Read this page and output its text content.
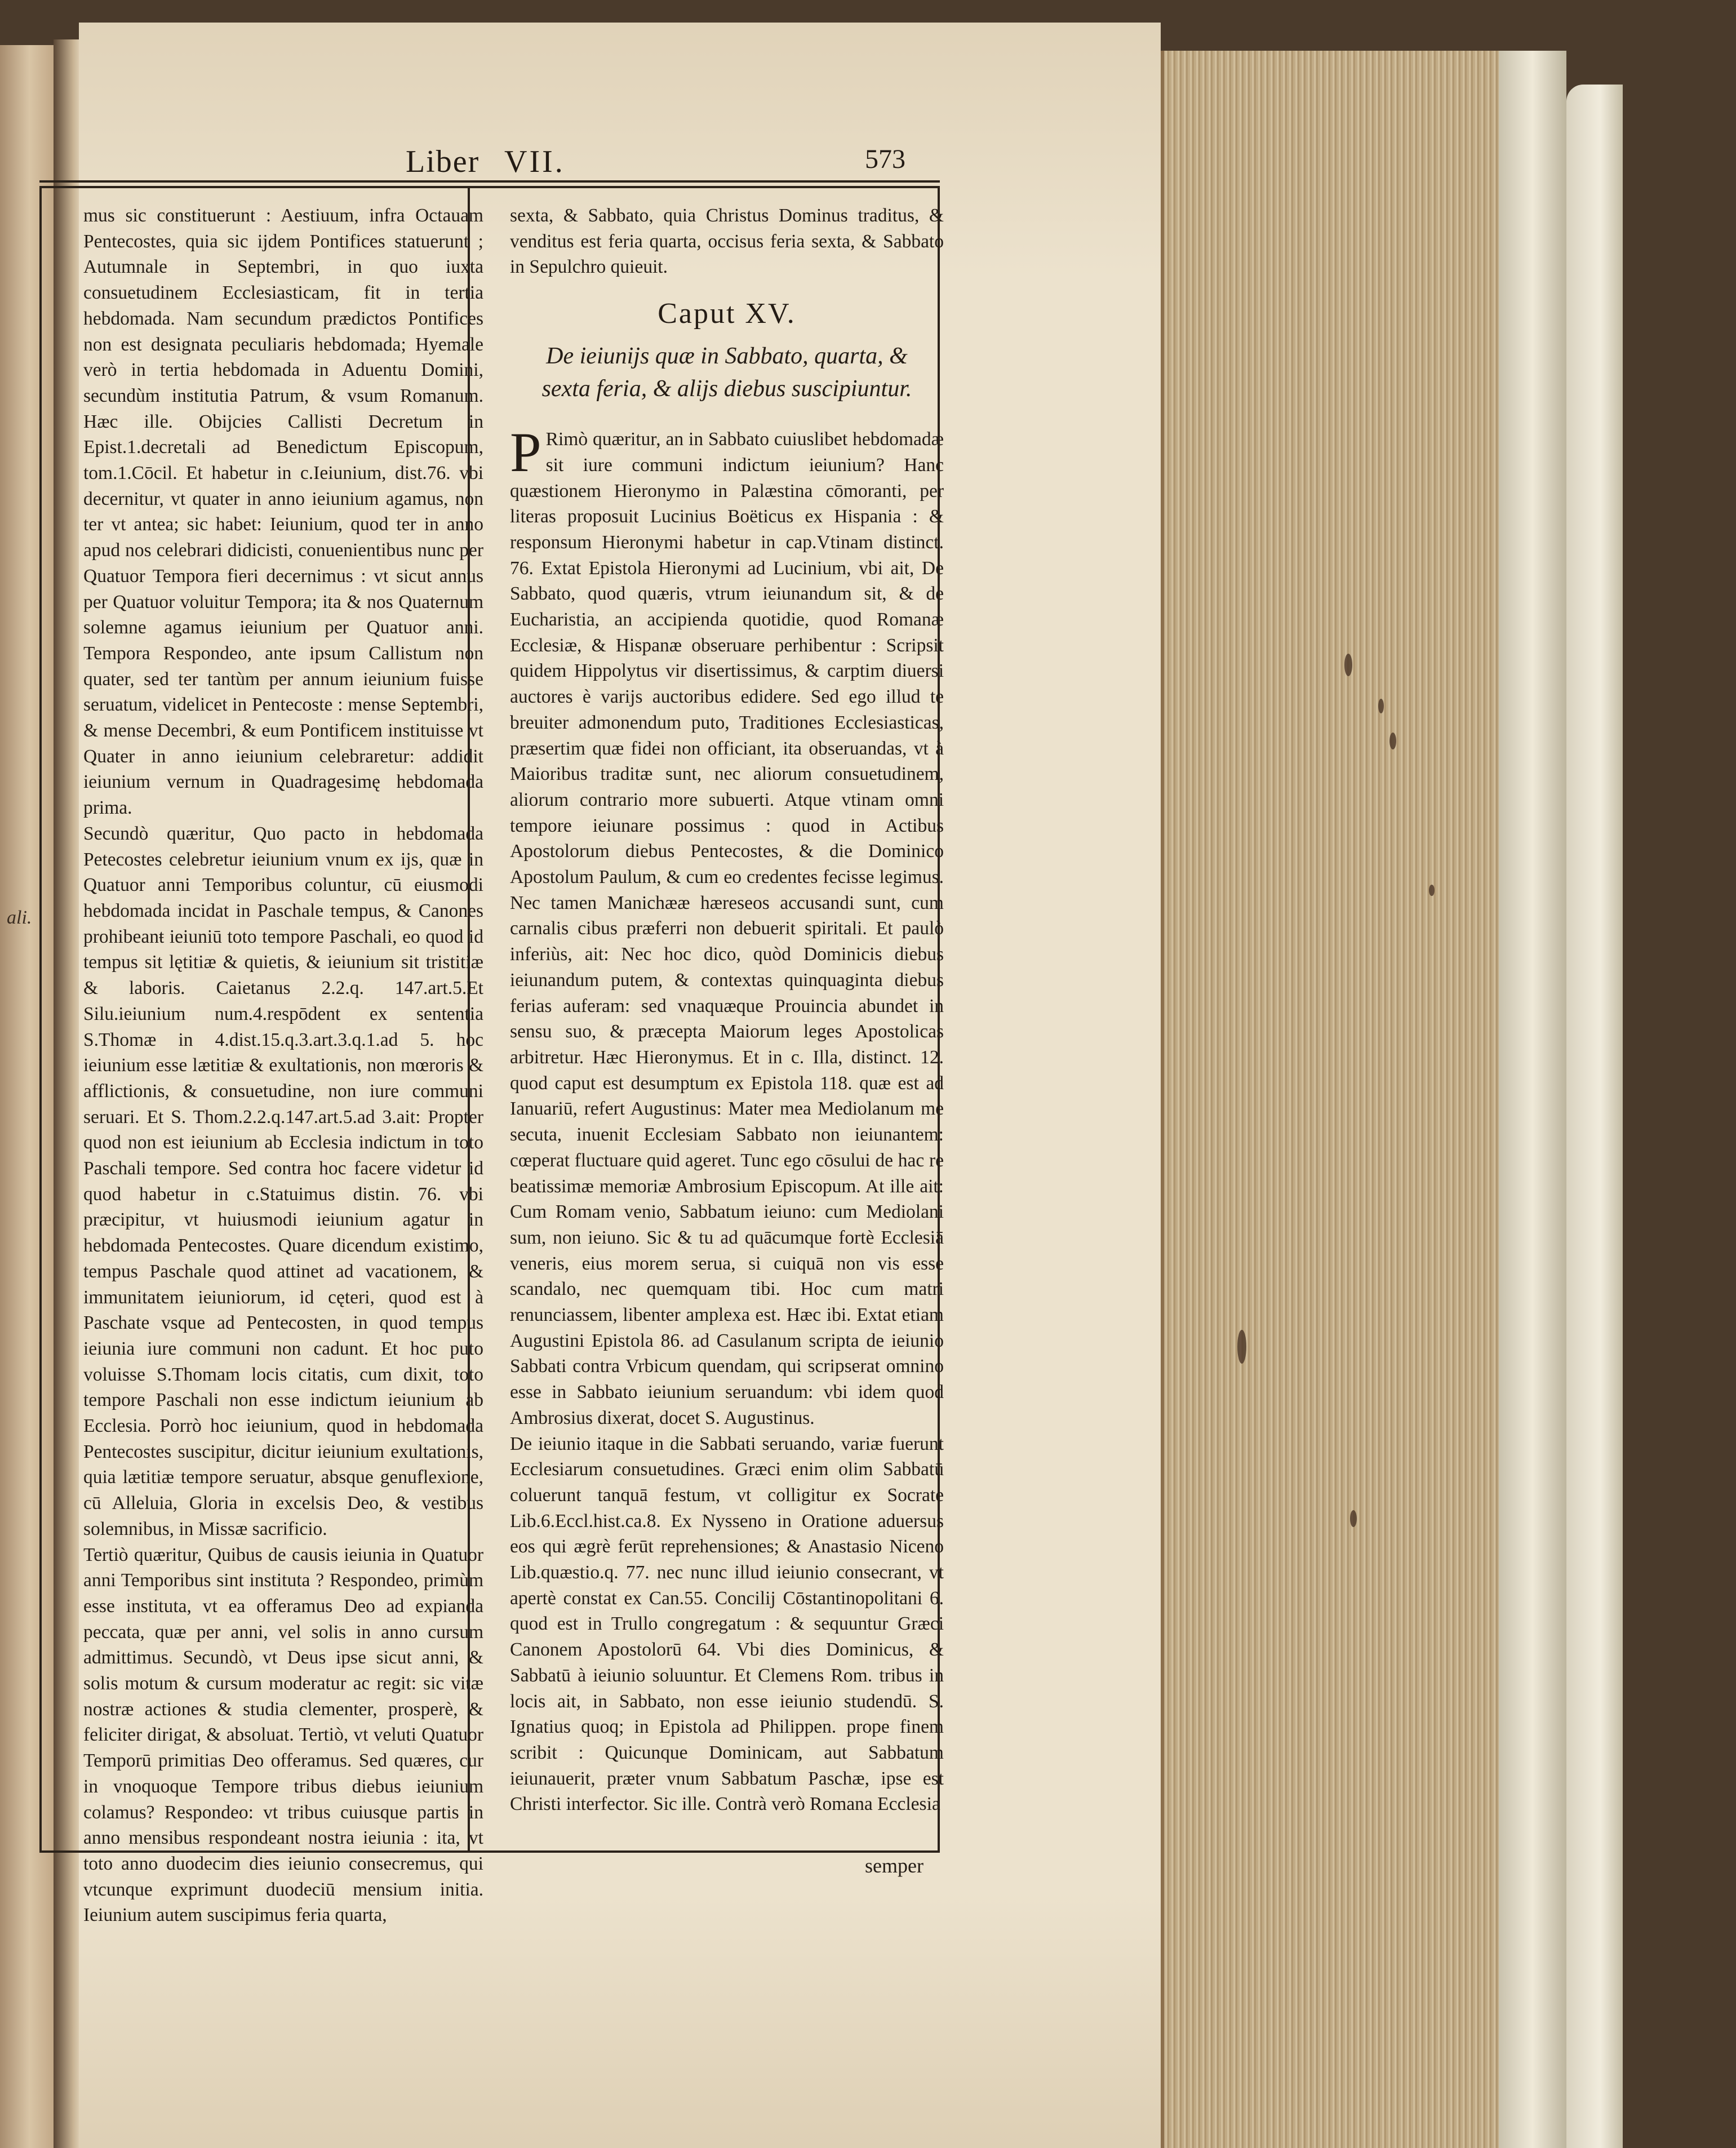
ali.
Liber VII.	573

mus sic constituerunt : Aestiuum, infra Octauam Pentecostes, quia sic ijdem Pontifices statuerunt ; Autumnale in Septembri, in quo iuxta consuetudinem Ecclesiasticam, fit in tertia hebdomada. Nam secundum prædictos Pontifices non est designata peculiaris hebdomada; Hyemale verò in tertia hebdomada in Aduentu Domini, secundùm institutia Patrum, & vsum Romanum. Hæc ille. Obijcies Callisti Decretum in Epist.1.decretali ad Benedictum Episcopum, tom.1.Cōcil. Et habetur in c.Ieiunium, dist.76. vbi decernitur, vt quater in anno ieiunium agamus, non ter vt antea; sic habet: Ieiunium, quod ter in anno apud nos celebrari didicisti, conuenientibus nunc per Quatuor Tempora fieri decernimus : vt sicut annus per Quatuor voluitur Tempora; ita & nos Quaternum solemne agamus ieiunium per Quatuor anni. Tempora Respondeo, ante ipsum Callistum non quater, sed ter tantùm per annum ieiunium fuisse seruatum, videlicet in Pentecoste : mense Septembri, & mense Decembri, & eum Pontificem instituisse vt Quater in anno ieiunium celebraretur: addidit ieiunium vernum in Quadragesimę hebdomada prima.

Secundò quæritur, Quo pacto in hebdomada Petecostes celebretur ieiunium vnum ex ijs, quæ in Quatuor anni Temporibus coluntur, cū eiusmodi hebdomada incidat in Paschale tempus, & Canones prohibeanŧ ieiuniū toto tempore Paschali, eo quod id tempus sit lętitiæ & quietis, & ieiunium sit tristitiæ & laboris. Caietanus 2.2.q. 147.art.5.Et Silu.ieiunium num.4.respōdent ex sententia S.Thomæ in 4.dist.15.q.3.art.3.q.1.ad 5. hoc ieiunium esse lætitiæ & exultationis, non mœroris & afflictionis, & consuetudine, non iure communi seruari. Et S. Thom.2.2.q.147.art.5.ad 3.ait: Propter quod non est ieiunium ab Ecclesia indictum in toto Paschali tempore. Sed contra hoc facere videtur id quod habetur in c.Statuimus distin. 76. vbi præcipitur, vt huiusmodi ieiunium agatur in hebdomada Pentecostes. Quare dicendum existimo, tempus Paschale quod attinet ad vacationem, & immunitatem ieiuniorum, id cęteri, quod est à Paschate vsque ad Pentecosten, in quod tempus ieiunia iure communi non cadunt. Et hoc puto voluisse S.Thomam locis citatis, cum dixit, toto tempore Paschali non esse indictum ieiunium ab Ecclesia. Porrò hoc ieiunium, quod in hebdomada Pentecostes suscipitur, dicitur ieiunium exultationis, quia lætitiæ tempore seruatur, absque genuflexione, cū Alleluia, Gloria in excelsis Deo, & vestibus solemnibus, in Missæ sacrificio.

Tertiò quæritur, Quibus de causis ieiunia in Quatuor anni Temporibus sint instituta ? Respondeo, primùm esse instituta, vt ea offeramus Deo ad expianda peccata, quæ per anni, vel solis in anno cursum admittimus. Secundò, vt Deus ipse sicut anni, & solis motum & cursum moderatur ac regit: sic vitæ nostræ actiones & studia clementer, prosperè, & feliciter dirigat, & absoluat. Tertiò, vt veluti Quatuor Temporū primitias Deo offeramus. Sed quæres, cur in vnoquoque Tempore tribus diebus ieiunium colamus? Respondeo: vt tribus cuiusque partis in anno mensibus respondeant nostra ieiunia : ita, vt toto anno duodecim dies ieiunio consecremus, qui vtcunque exprimunt duodeciū mensium initia. Ieiunium autem suscipimus feria quarta,

sexta, & Sabbato, quia Christus Dominus traditus, & venditus est feria quarta, occisus feria sexta, & Sabbato in Sepulchro quieuit.

Caput XV.
De ieiunijs quæ in Sabbato, quarta, & sexta feria, & alijs diebus suscipiuntur.

P Rimò quæritur, an in Sabbato cuiuslibet hebdomadæ sit iure communi indictum ieiunium? Hanc quæstionem Hieronymo in Palæstina cōmoranti, per literas proposuit Lucinius Boëticus ex Hispania : & responsum Hieronymi habetur in cap.Vtinam distinct. 76. Extat Epistola Hieronymi ad Lucinium, vbi ait, De Sabbato, quod quæris, vtrum ieiunandum sit, & de Eucharistia, an accipienda quotidie, quod Romanæ Ecclesiæ, & Hispanæ obseruare perhibentur : Scripsit quidem Hippolytus vir disertissimus, & carptim diuersi auctores è varijs auctoribus edidere. Sed ego illud te breuiter admonendum puto, Traditiones Ecclesiasticas, præsertim quæ fidei non officiant, ita obseruandas, vt à Maioribus traditæ sunt, nec aliorum consuetudinem, aliorum contrario more subuerti. Atque vtinam omni tempore ieiunare possimus : quod in Actibus Apostolorum diebus Pentecostes, & die Dominico Apostolum Paulum, & cum eo credentes fecisse legimus. Nec tamen Manichææ hæreseos accusandi sunt, cum carnalis cibus præferri non debuerit spiritali. Et paulò inferiùs, ait: Nec hoc dico, quòd Dominicis diebus ieiunandum putem, & contextas quinquaginta diebus ferias auferam: sed vnaquæque Prouincia abundet in sensu suo, & præcepta Maiorum leges Apostolicas arbitretur. Hæc Hieronymus. Et in c. Illa, distinct. 12. quod caput est desumptum ex Epistola 118. quæ est ad Ianuariū, refert Augustinus: Mater mea Mediolanum me secuta, inuenit Ecclesiam Sabbato non ieiunantem: cœperat fluctuare quid ageret. Tunc ego cōsului de hac re beatissimæ memoriæ Ambrosium Episcopum. At ille ait: Cum Romam venio, Sabbatum ieiuno: cum Mediolani sum, non ieiuno. Sic & tu ad quācumque fortè Ecclesiā veneris, eius morem serua, si cuiquā non vis esse scandalo, nec quemquam tibi. Hoc cum matri renunciassem, libenter amplexa est. Hæc ibi. Extat etiam Augustini Epistola 86. ad Casulanum scripta de ieiunio Sabbati contra Vrbicum quendam, qui scripserat omnino esse in Sabbato ieiunium seruandum: vbi idem quod Ambrosius dixerat, docet S. Augustinus.

De ieiunio itaque in die Sabbati seruando, variæ fuerunt Ecclesiarum consuetudines. Græci enim olim Sabbatū coluerunt tanquā festum, vt colligitur ex Socrate Lib.6.Eccl.hist.ca.8. Ex Nysseno in Oratione aduersus eos qui ægrè ferūt reprehensiones; & Anastasio Niceno Lib.quæstio.q. 77. nec nunc illud ieiunio consecrant, vt apertè constat ex Can.55. Concilij Cōstantinopolitani 6. quod est in Trullo congregatum : & sequuntur Græci Canonem Apostolorū 64. Vbi dies Dominicus, & Sabbatū à ieiunio soluuntur. Et Clemens Rom. tribus in locis ait, in Sabbato, non esse ieiunio studendū. S. Ignatius quoq; in Epistola ad Philippen. prope finem scribit : Quicunque Dominicam, aut Sabbatum ieiunauerit, præter vnum Sabbatum Paschæ, ipse est Christi interfector. Sic ille. Contrà verò Romana Ecclesia

semper
